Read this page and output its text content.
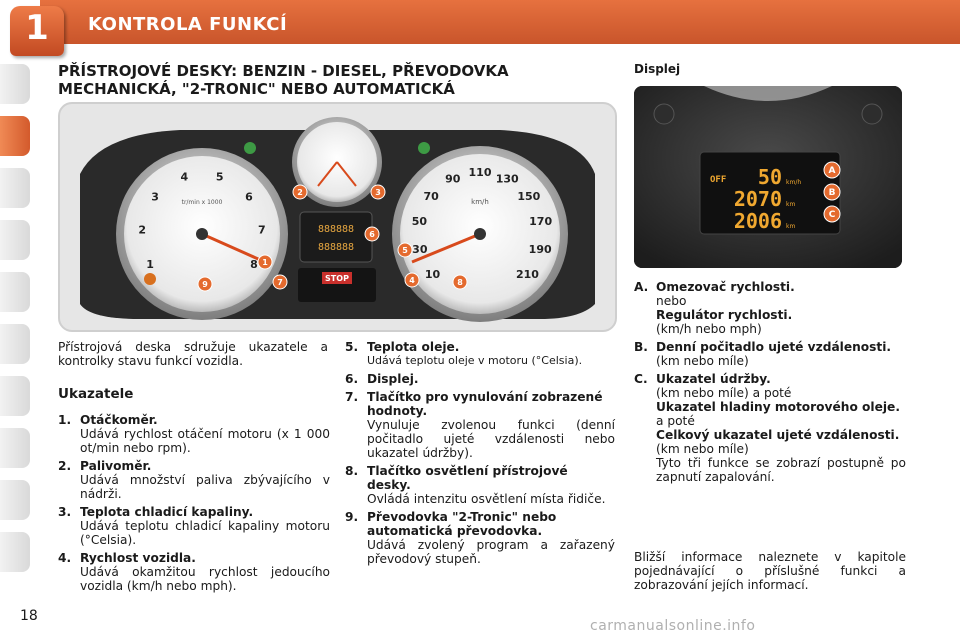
1	KONTROLA FUNKCÍ
PŘÍSTROJOVÉ DESKY: BENZIN - DIESEL, PŘEVODOVKA
MECHANICKÁ, "2-TRONIC" NEBO AUTOMATICKÁ
888888
888888
STOP
1
2
3
4	5
6
7
8
tr/min x 1000
10
30
50
70
90 110 130
150
170
190
210
km/h
1
2	3
4
5
6
7	8
9
Displej
OFF 50 km/h
2070 km
2006 km
A
B
C
Přístrojová deska sdružuje ukazatele a kontrolky stavu funkcí vozidla.
Ukazatele
1. Otáčkoměr.
Udává rychlost otáčení motoru (x 1 000 ot/min nebo rpm).
2. Palivoměr.
Udává množství paliva zbývajícího v nádrži.
3. Teplota chladicí kapaliny.
Udává teplotu chladicí kapaliny motoru (°Celsia).
4. Rychlost vozidla.
Udává okamžitou rychlost jedoucího vozidla (km/h nebo mph).
5. Teplota oleje.
Udává teplotu oleje v motoru (°Celsia).
6. Displej.
7. Tlačítko pro vynulování zobrazené hodnoty.
Vynuluje zvolenou funkci (denní počitadlo ujeté vzdálenosti nebo ukazatel údržby).
8. Tlačítko osvětlení přístrojové desky.
Ovládá intenzitu osvětlení místa řidiče.
9. Převodovka "2-Tronic" nebo automatická převodovka.
Udává zvolený program a zařazený převodový stupeň.
A. Omezovač rychlosti.
nebo
Regulátor rychlosti.
(km/h nebo mph)
B. Denní počitadlo ujeté vzdálenosti.
(km nebo míle)
C. Ukazatel údržby.
(km nebo míle) a poté
Ukazatel hladiny motorového oleje.
a poté
Celkový ukazatel ujeté vzdálenosti.
(km nebo míle)
Tyto tři funkce se zobrazí postupně po zapnutí zapalování.
Bližší informace naleznete v kapitole pojednávající o příslušné funkci a zobrazování jejích informací.
18
carmanualsonline.info
